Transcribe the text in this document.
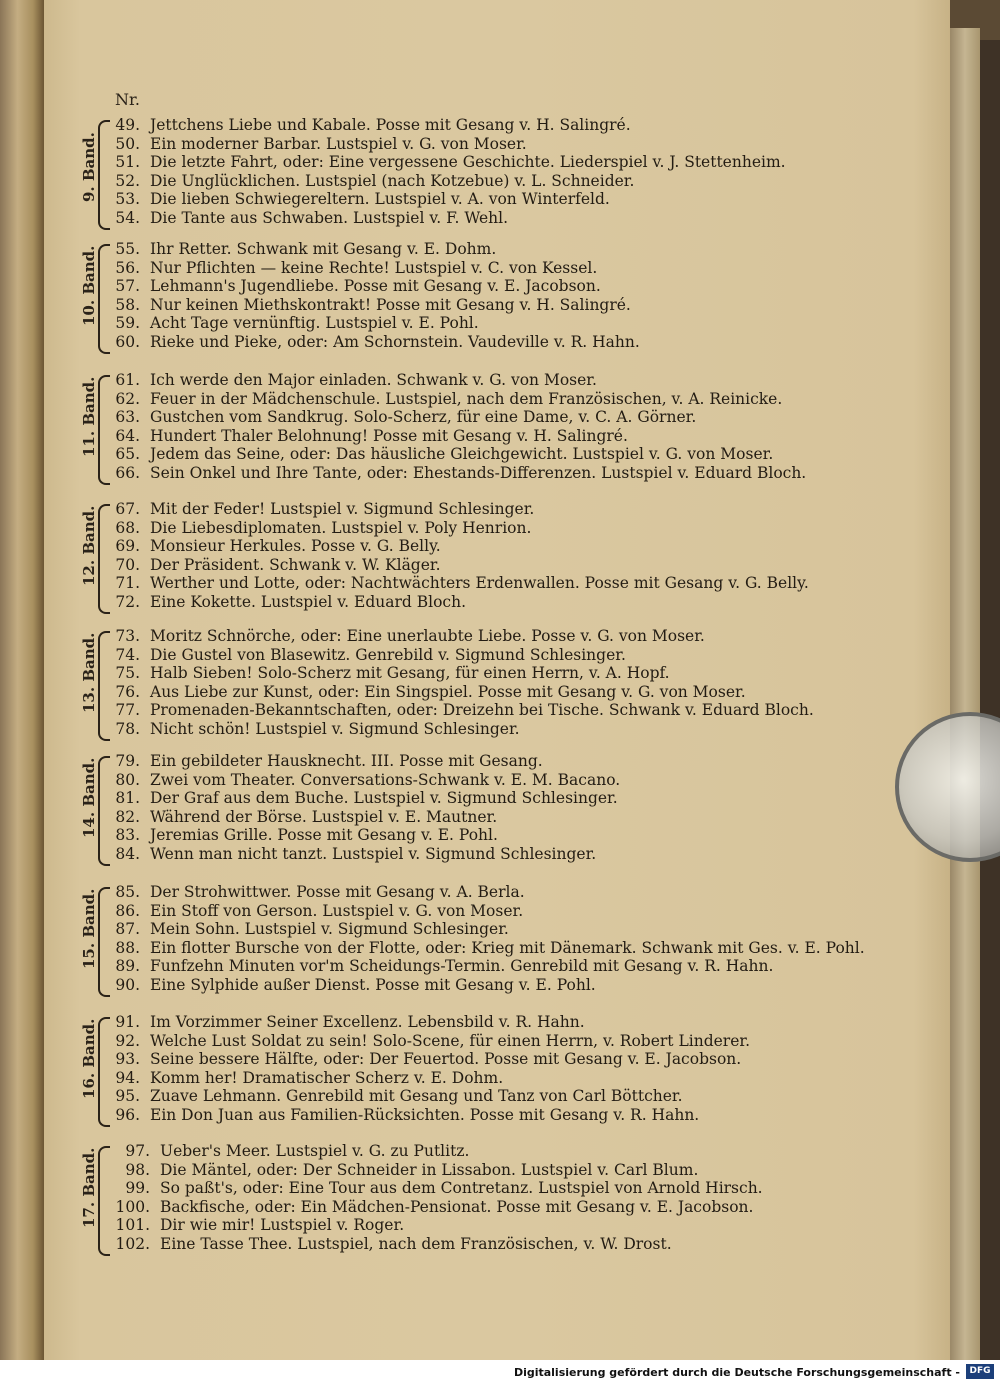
Nr.
9. Band.
49. Jettchens Liebe und Kabale. Posse mit Gesang v. H. Salingré.
50. Ein moderner Barbar. Lustspiel v. G. von Moser.
51. Die letzte Fahrt, oder: Eine vergessene Geschichte. Liederspiel v. J. Stettenheim.
52. Die Unglücklichen. Lustspiel (nach Kotzebue) v. L. Schneider.
53. Die lieben Schwiegereltern. Lustspiel v. A. von Winterfeld.
54. Die Tante aus Schwaben. Lustspiel v. F. Wehl.
10. Band.	55. Ihr Retter. Schwank mit Gesang v. E. Dohm.
56. Nur Pflichten — keine Rechte! Lustspiel v. C. von Kessel.
57. Lehmann's Jugendliebe. Posse mit Gesang v. E. Jacobson.
58. Nur keinen Miethskontrakt! Posse mit Gesang v. H. Salingré.
59. Acht Tage vernünftig. Lustspiel v. E. Pohl.
60. Rieke und Pieke, oder: Am Schornstein. Vaudeville v. R. Hahn.
11. Band.	61. Ich werde den Major einladen. Schwank v. G. von Moser.
62. Feuer in der Mädchenschule. Lustspiel, nach dem Französischen, v. A. Reinicke.
63. Gustchen vom Sandkrug. Solo-Scherz, für eine Dame, v. C. A. Görner.
64. Hundert Thaler Belohnung! Posse mit Gesang v. H. Salingré.
65. Jedem das Seine, oder: Das häusliche Gleichgewicht. Lustspiel v. G. von Moser.
66. Sein Onkel und Ihre Tante, oder: Ehestands-Differenzen. Lustspiel v. Eduard Bloch.
12. Band.	67. Mit der Feder! Lustspiel v. Sigmund Schlesinger.
68. Die Liebesdiplomaten. Lustspiel v. Poly Henrion.
69. Monsieur Herkules. Posse v. G. Belly.
70. Der Präsident. Schwank v. W. Kläger.
71. Werther und Lotte, oder: Nachtwächters Erdenwallen. Posse mit Gesang v. G. Belly.
72. Eine Kokette. Lustspiel v. Eduard Bloch.
13. Band.	73. Moritz Schnörche, oder: Eine unerlaubte Liebe. Posse v. G. von Moser.
74. Die Gustel von Blasewitz. Genrebild v. Sigmund Schlesinger.
75. Halb Sieben! Solo-Scherz mit Gesang, für einen Herrn, v. A. Hopf.
76. Aus Liebe zur Kunst, oder: Ein Singspiel. Posse mit Gesang v. G. von Moser.
77. Promenaden-Bekanntschaften, oder: Dreizehn bei Tische. Schwank v. Eduard Bloch.
78. Nicht schön! Lustspiel v. Sigmund Schlesinger.
14. Band.	79. Ein gebildeter Hausknecht. III. Posse mit Gesang.
80. Zwei vom Theater. Conversations-Schwank v. E. M. Bacano.
81. Der Graf aus dem Buche. Lustspiel v. Sigmund Schlesinger.
82. Während der Börse. Lustspiel v. E. Mautner.
83. Jeremias Grille. Posse mit Gesang v. E. Pohl.
84. Wenn man nicht tanzt. Lustspiel v. Sigmund Schlesinger.
15. Band.	85. Der Strohwittwer. Posse mit Gesang v. A. Berla.
86. Ein Stoff von Gerson. Lustspiel v. G. von Moser.
87. Mein Sohn. Lustspiel v. Sigmund Schlesinger.
88. Ein flotter Bursche von der Flotte, oder: Krieg mit Dänemark. Schwank mit Ges. v. E. Pohl.
89. Funfzehn Minuten vor'm Scheidungs-Termin. Genrebild mit Gesang v. R. Hahn.
90. Eine Sylphide außer Dienst. Posse mit Gesang v. E. Pohl.
16. Band.	91. Im Vorzimmer Seiner Excellenz. Lebensbild v. R. Hahn.
92. Welche Lust Soldat zu sein! Solo-Scene, für einen Herrn, v. Robert Linderer.
93. Seine bessere Hälfte, oder: Der Feuertod. Posse mit Gesang v. E. Jacobson.
94. Komm her! Dramatischer Scherz v. E. Dohm.
95. Zuave Lehmann. Genrebild mit Gesang und Tanz von Carl Böttcher.
96. Ein Don Juan aus Familien-Rücksichten. Posse mit Gesang v. R. Hahn.
17. Band.	97. Ueber's Meer. Lustspiel v. G. zu Putlitz.
98. Die Mäntel, oder: Der Schneider in Lissabon. Lustspiel v. Carl Blum.
99. So paßt's, oder: Eine Tour aus dem Contretanz. Lustspiel von Arnold Hirsch.
100. Backfische, oder: Ein Mädchen-Pensionat. Posse mit Gesang v. E. Jacobson.
101. Dir wie mir! Lustspiel v. Roger.
102. Eine Tasse Thee. Lustspiel, nach dem Französischen, v. W. Drost.
Digitalisierung gefördert durch die Deutsche Forschungsgemeinschaft -	DFG
